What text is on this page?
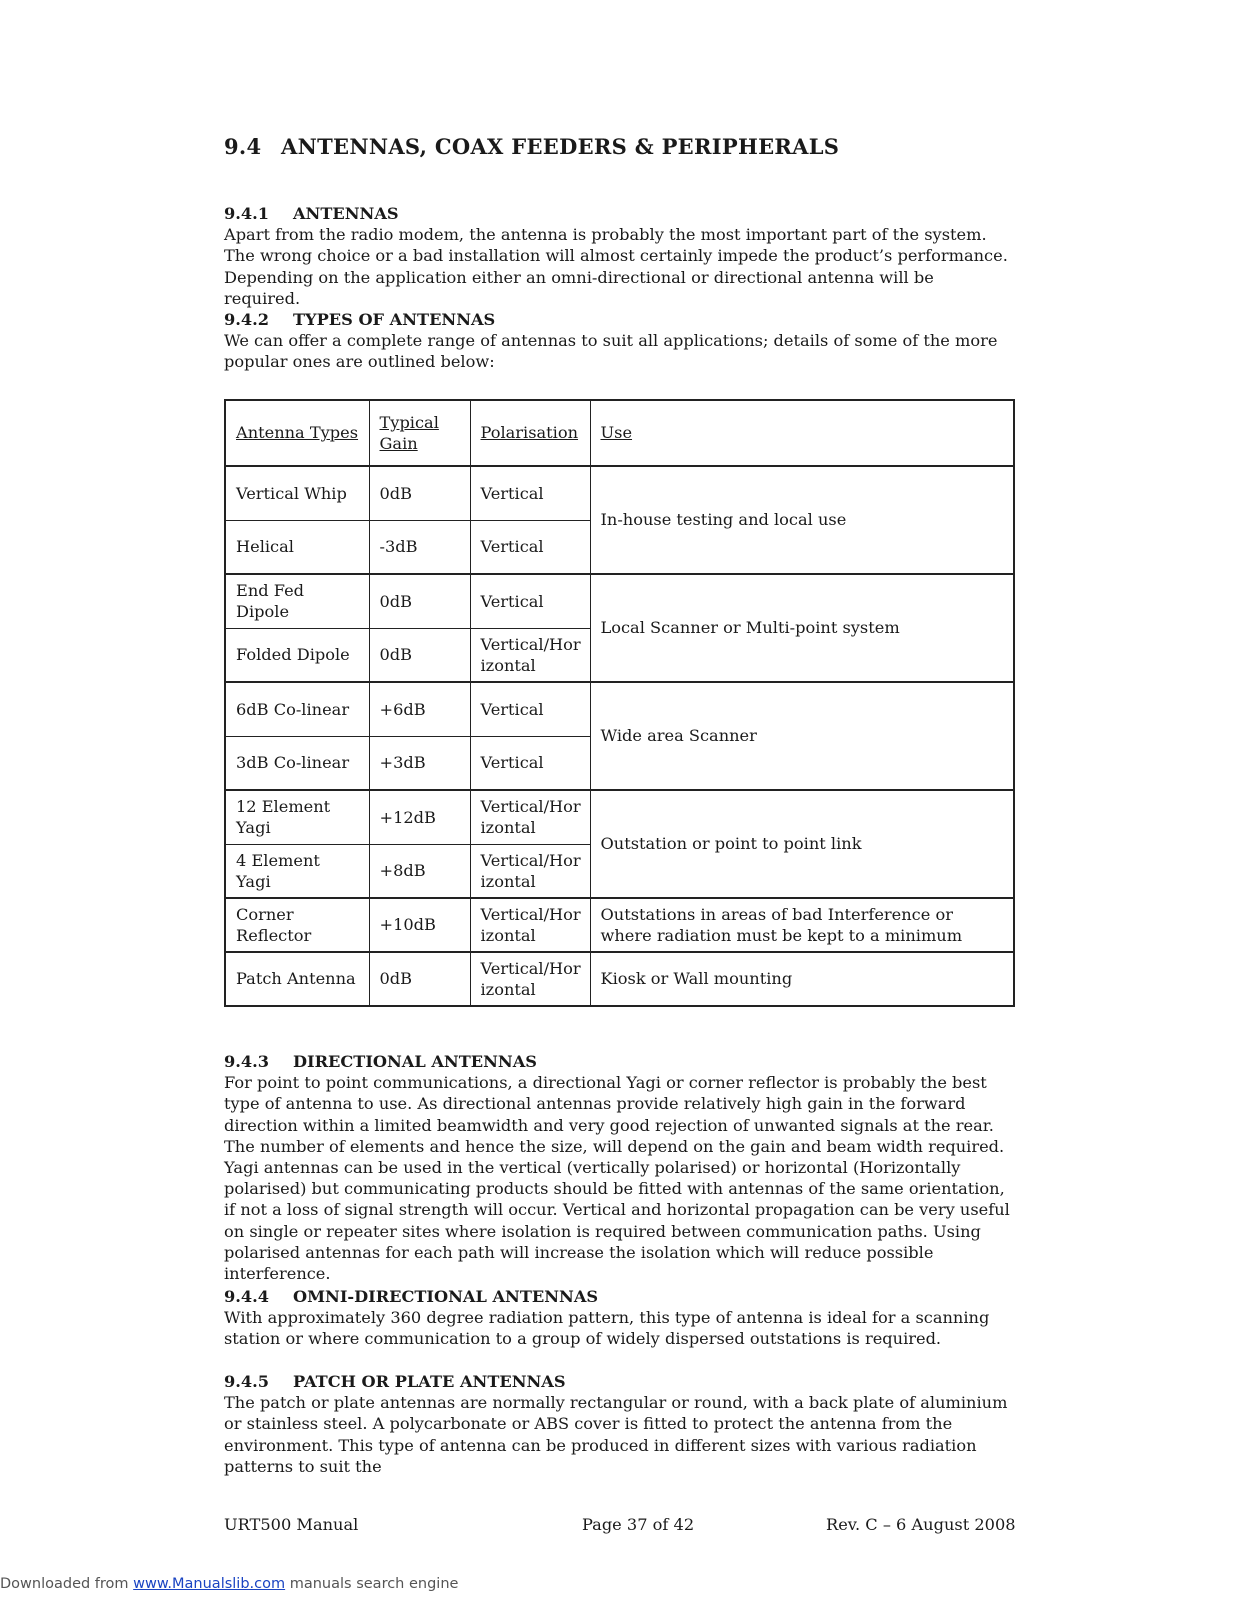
9.4 ANTENNAS, COAX FEEDERS & PERIPHERALS
9.4.1 ANTENNAS

Apart from the radio modem, the antenna is probably the most important part of the system. The wrong choice or a bad installation will almost certainly impede the product’s performance. Depending on the application either an omni-directional or directional antenna will be required.

9.4.2 TYPES OF ANTENNAS

We can offer a complete range of antennas to suit all applications; details of some of the more popular ones are outlined below:

Antenna Types	Typical Gain	Polarisation	Use
Vertical Whip	0dB	Vertical	In-house testing and local use
Helical	-3dB	Vertical	
End Fed Dipole	0dB	Vertical	Local Scanner or Multi-point system
Folded Dipole	0dB	Vertical/Hor izontal	
6dB Co-linear	+6dB	Vertical	Wide area Scanner
3dB Co-linear	+3dB	Vertical	
12 Element Yagi	+12dB	Vertical/Hor izontal	Outstation or point to point link
4 Element Yagi	+8dB	Vertical/Hor izontal	
Corner Reflector	+10dB	Vertical/Hor izontal	Outstations in areas of bad Interference or where radiation must be kept to a minimum
Patch Antenna	0dB	Vertical/Hor izontal	Kiosk or Wall mounting
9.4.3 DIRECTIONAL ANTENNAS

For point to point communications, a directional Yagi or corner reflector is probably the best type of antenna to use. As directional antennas provide relatively high gain in the forward direction within a limited beamwidth and very good rejection of unwanted signals at the rear. The number of elements and hence the size, will depend on the gain and beam width required. Yagi antennas can be used in the vertical (vertically polarised) or horizontal (Horizontally polarised) but communicating products should be fitted with antennas of the same orientation, if not a loss of signal strength will occur. Vertical and horizontal propagation can be very useful on single or repeater sites where isolation is required between communication paths. Using polarised antennas for each path will increase the isolation which will reduce possible interference.

9.4.4 OMNI-DIRECTIONAL ANTENNAS

With approximately 360 degree radiation pattern, this type of antenna is ideal for a scanning station or where communication to a group of widely dispersed outstations is required.

9.4.5 PATCH OR PLATE ANTENNAS

The patch or plate antennas are normally rectangular or round, with a back plate of aluminium or stainless steel. A polycarbonate or ABS cover is fitted to protect the antenna from the environment. This type of antenna can be produced in different sizes with various radiation patterns to suit the

URT500 Manual	Page 37 of 42	Rev. C – 6 August 2008
Downloaded from www.Manualslib.com manuals search engine
